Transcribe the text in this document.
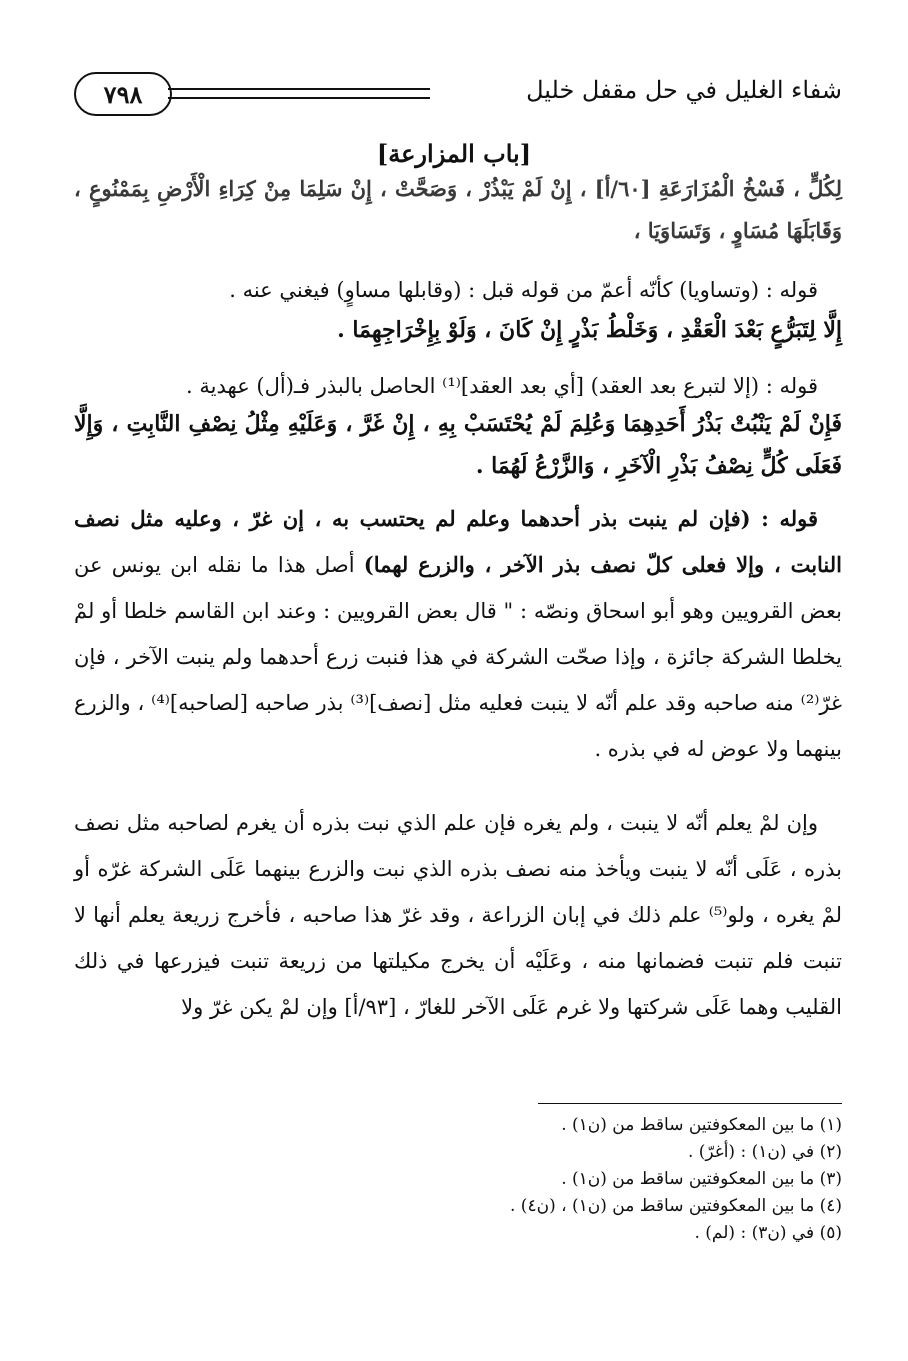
٧٩٨	شفاء الغليل في حل مقفل خليل
[باب المزارعة]
لِكُلٍّ ، فَسْخُ الْمُزَارَعَةِ [٦٠/أ] ، إِنْ لَمْ يَبْذُرْ ، وَصَحَّتْ ، إِنْ سَلِمَا مِنْ كِرَاءِ الْأَرْضِ بِمَمْنُوعٍ ، وَقَابَلَهَا مُسَاوٍ ، وَتَسَاوَيَا ،
قوله : (وتساويا) كأنّه أعمّ من قوله قبل : (وقابلها مساوٍ) فيغني عنه .
إِلَّا لِتَبَرُّعٍ بَعْدَ الْعَقْدِ ، وَخَلْطُ بَذْرٍ إِنْ كَانَ ، وَلَوْ بِإِخْرَاجِهِمَا .
قوله : (إلا لتبرع بعد العقد) [أي بعد العقد]⁽¹⁾ الحاصل بالبذر فـ(أل) عهدية .
فَإِنْ لَمْ يَنْبُتْ بَذْرُ أَحَدِهِمَا وَعُلِمَ لَمْ يُحْتَسَبْ بِهِ ، إِنْ غَرَّ ، وَعَلَيْهِ مِثْلُ نِصْفِ النَّابِتِ ، وَإِلَّا فَعَلَى كُلٍّ نِصْفُ بَذْرِ الْآخَرِ ، وَالزَّرْعُ لَهُمَا .
قوله : (فإن لم ينبت بذر أحدهما وعلم لم يحتسب به ، إن غرّ ، وعليه مثل نصف النابت ، وإلا فعلى كلّ نصف بذر الآخر ، والزرع لهما) أصل هذا ما نقله ابن يونس عن بعض القرويين وهو أبو اسحاق ونصّه : " قال بعض القرويين : وعند ابن القاسم خلطا أو لمْ يخلطا الشركة جائزة ، وإذا صحّت الشركة في هذا فنبت زرع أحدهما ولم ينبت الآخر ، فإن غرّ⁽²⁾ منه صاحبه وقد علم أنّه لا ينبت فعليه مثل [نصف]⁽³⁾ بذر صاحبه [لصاحبه]⁽⁴⁾ ، والزرع بينهما ولا عوض له في بذره .
وإن لمْ يعلم أنّه لا ينبت ، ولم يغره فإن علم الذي نبت بذره أن يغرم لصاحبه مثل نصف بذره ، عَلَى أنّه لا ينبت ويأخذ منه نصف بذره الذي نبت والزرع بينهما عَلَى الشركة غرّه أو لمْ يغره ، ولو⁽⁵⁾ علم ذلك في إبان الزراعة ، وقد غرّ هذا صاحبه ، فأخرج زريعة يعلم أنها لا تنبت فلم تنبت فضمانها منه ، وعَلَيْه أن يخرج مكيلتها من زريعة تنبت فيزرعها في ذلك القليب وهما عَلَى شركتها ولا غرم عَلَى الآخر للغارّ ، [٩٣/أ] وإن لمْ يكن غرّ ولا
(١) ما بين المعكوفتين ساقط من (ن١) .
(٢) في (ن١) : (أغرّ) .
(٣) ما بين المعكوفتين ساقط من (ن١) .
(٤) ما بين المعكوفتين ساقط من (ن١) ، (ن٤) .
(٥) في (ن٣) : (لم) .
